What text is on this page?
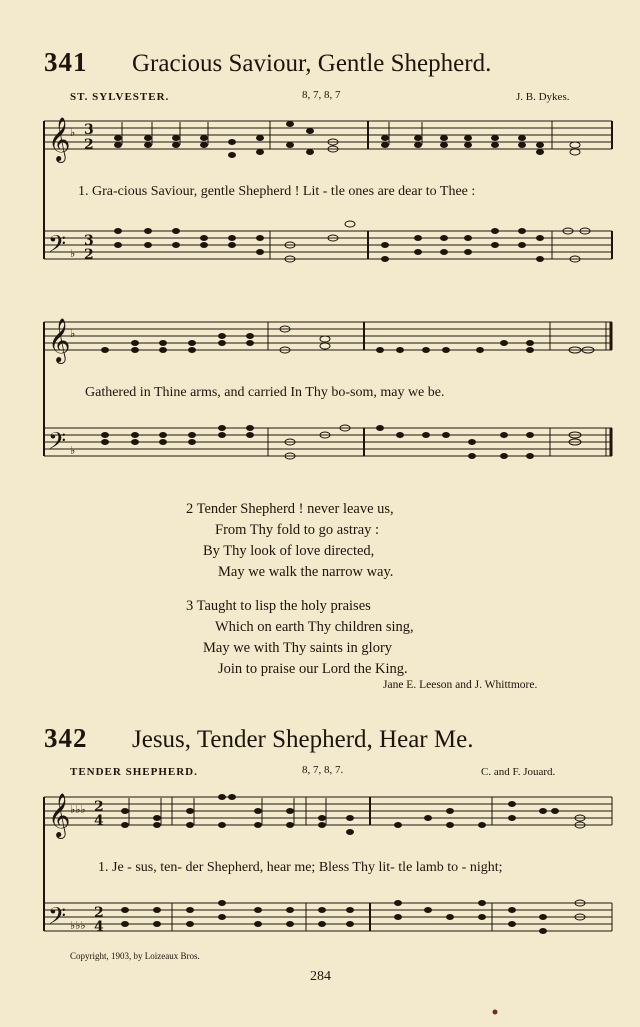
341 Gracious Saviour, Gentle Shepherd.
ST. SYLVESTER.	8, 7, 8, 7	J. B. Dykes.
𝄞 ♭ 3
2
𝄢 ♭
3
2
𝄞 ♭
𝄢 ♭
𝄞 ♭♭♭ 2
4
𝄢 ♭♭♭
2
4
1. Gra-cious Saviour, gentle Shepherd ! Lit - tle ones are dear to Thee :
Gathered in Thine arms, and carried In Thy bo-som, may we be.
2 Tender Shepherd ! never leave us,
From Thy fold to go astray :
By Thy look of love directed,
May we walk the narrow way.
3 Taught to lisp the holy praises
Which on earth Thy children sing,
May we with Thy saints in glory
Join to praise our Lord the King.
Jane E. Leeson and J. Whittmore.
342 Jesus, Tender Shepherd, Hear Me.
TENDER SHEPHERD.	8, 7, 8, 7.	C. and F. Jouard.
1. Je - sus, ten- der Shepherd, hear me; Bless Thy lit- tle lamb to - night;
Copyright, 1903, by Loizeaux Bros.
284
